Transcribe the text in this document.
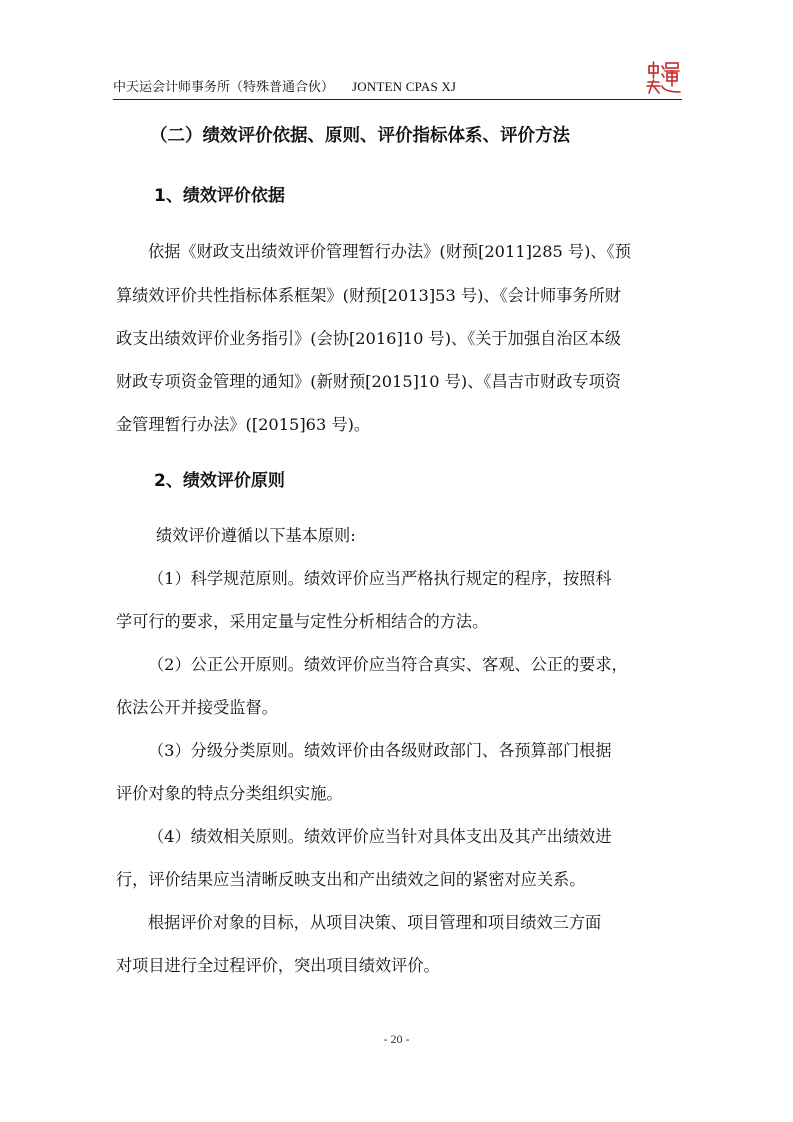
中天运会计师事务所（特殊普通合伙） JONTEN CPAS XJ
中天運
（二）绩效评价依据、原则、评价指标体系、评价方法
1、绩效评价依据
依据《财政支出绩效评价管理暂行办法》(财预[2011]285 号)、《预
算绩效评价共性指标体系框架》(财预[2013]53 号)、《会计师事务所财
政支出绩效评价业务指引》(会协[2016]10 号)、《关于加强自治区本级
财政专项资金管理的通知》(新财预[2015]10 号)、《昌吉市财政专项资
金管理暂行办法》([2015]63 号)。
2、绩效评价原则
绩效评价遵循以下基本原则:
（1）科学规范原则。绩效评价应当严格执行规定的程序，按照科
学可行的要求，采用定量与定性分析相结合的方法。
（2）公正公开原则。绩效评价应当符合真实、客观、公正的要求，
依法公开并接受监督。
（3）分级分类原则。绩效评价由各级财政部门、各预算部门根据
评价对象的特点分类组织实施。
（4）绩效相关原则。绩效评价应当针对具体支出及其产出绩效进
行，评价结果应当清晰反映支出和产出绩效之间的紧密对应关系。
根据评价对象的目标，从项目决策、项目管理和项目绩效三方面
对项目进行全过程评价，突出项目绩效评价。
- 20 -
